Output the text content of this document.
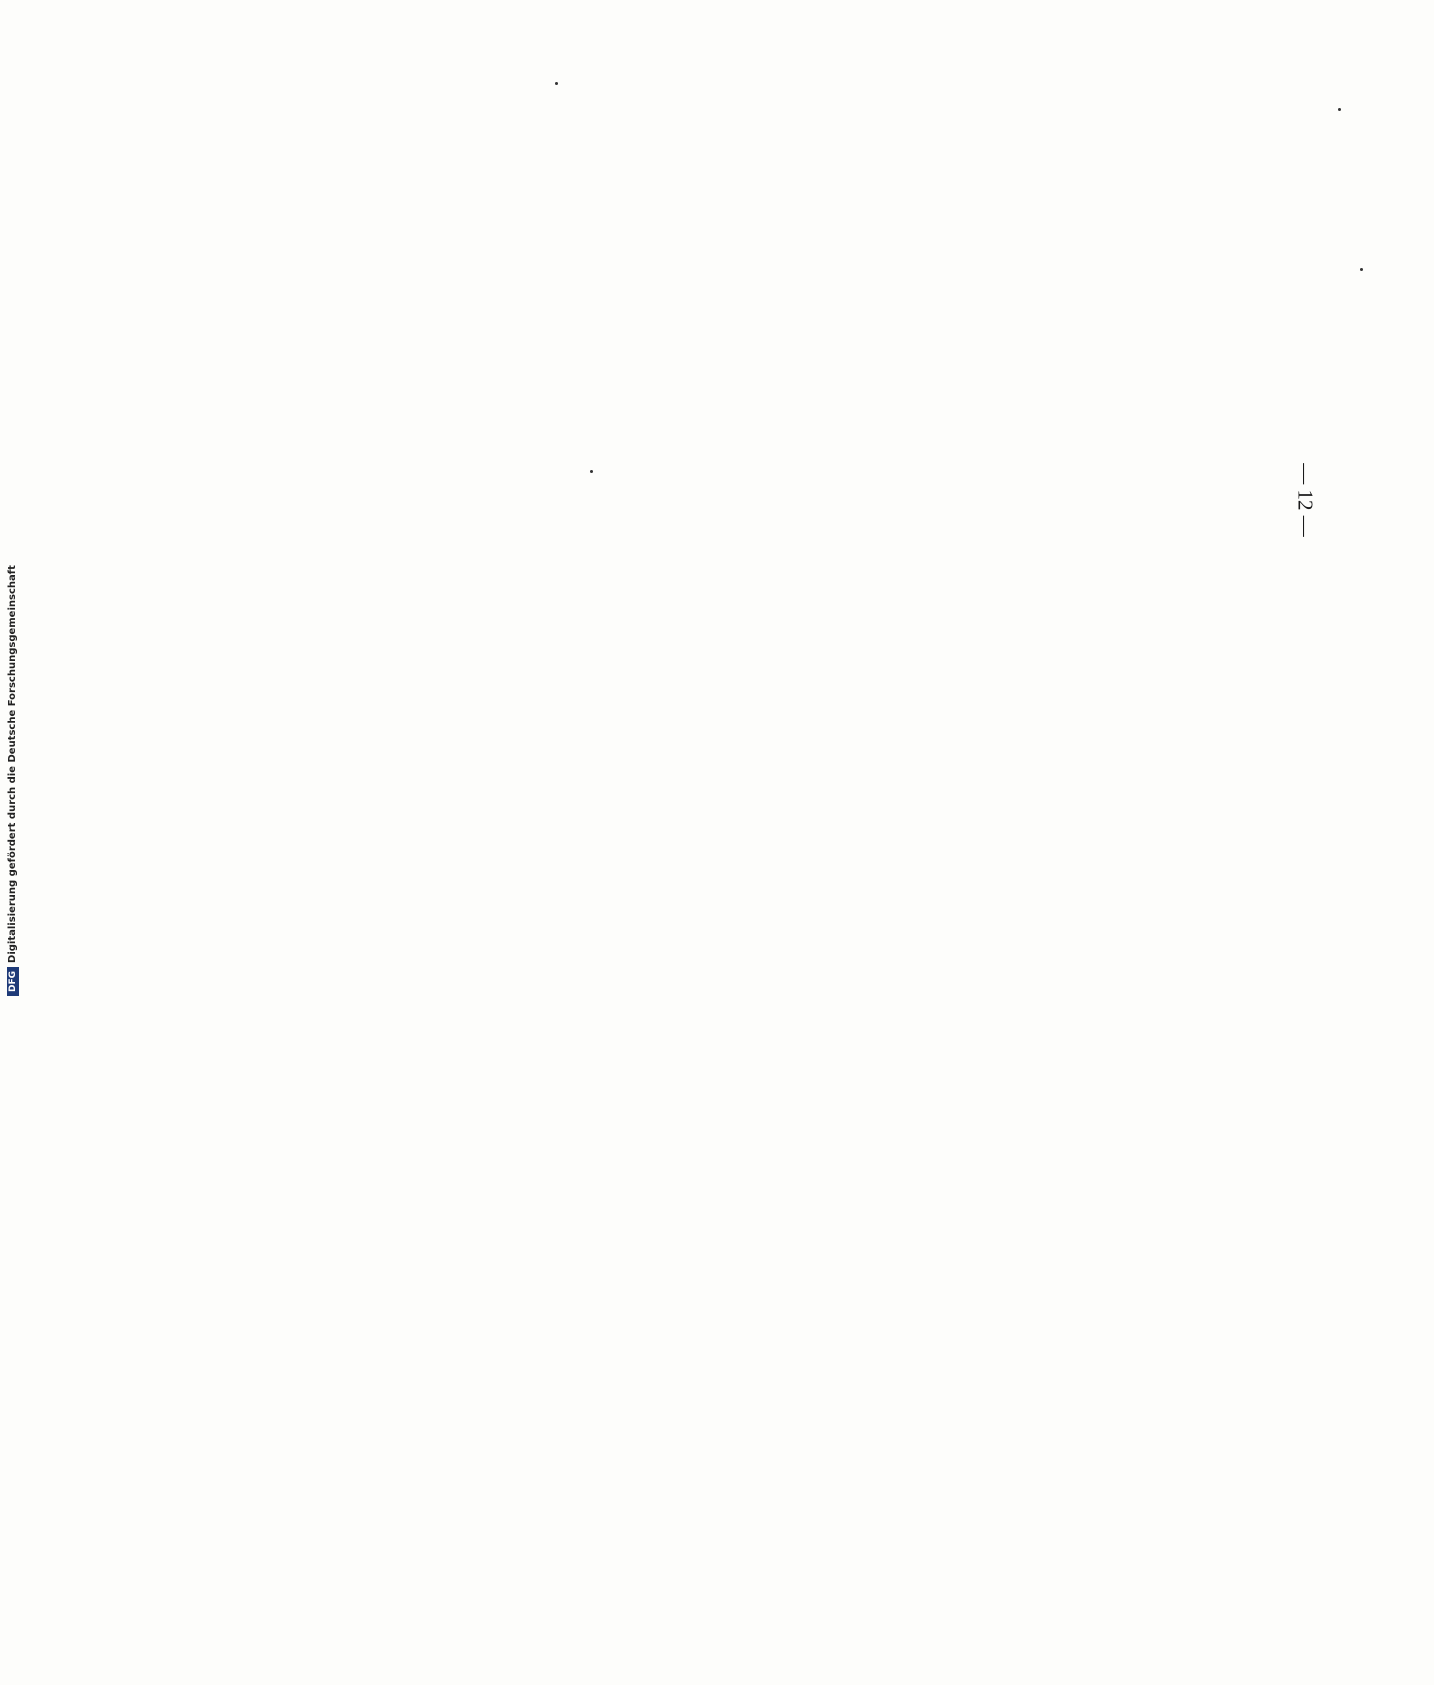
— 12 —
DFGDigitalisierung gefördert durch die Deutsche Forschungsgemeinschaft
